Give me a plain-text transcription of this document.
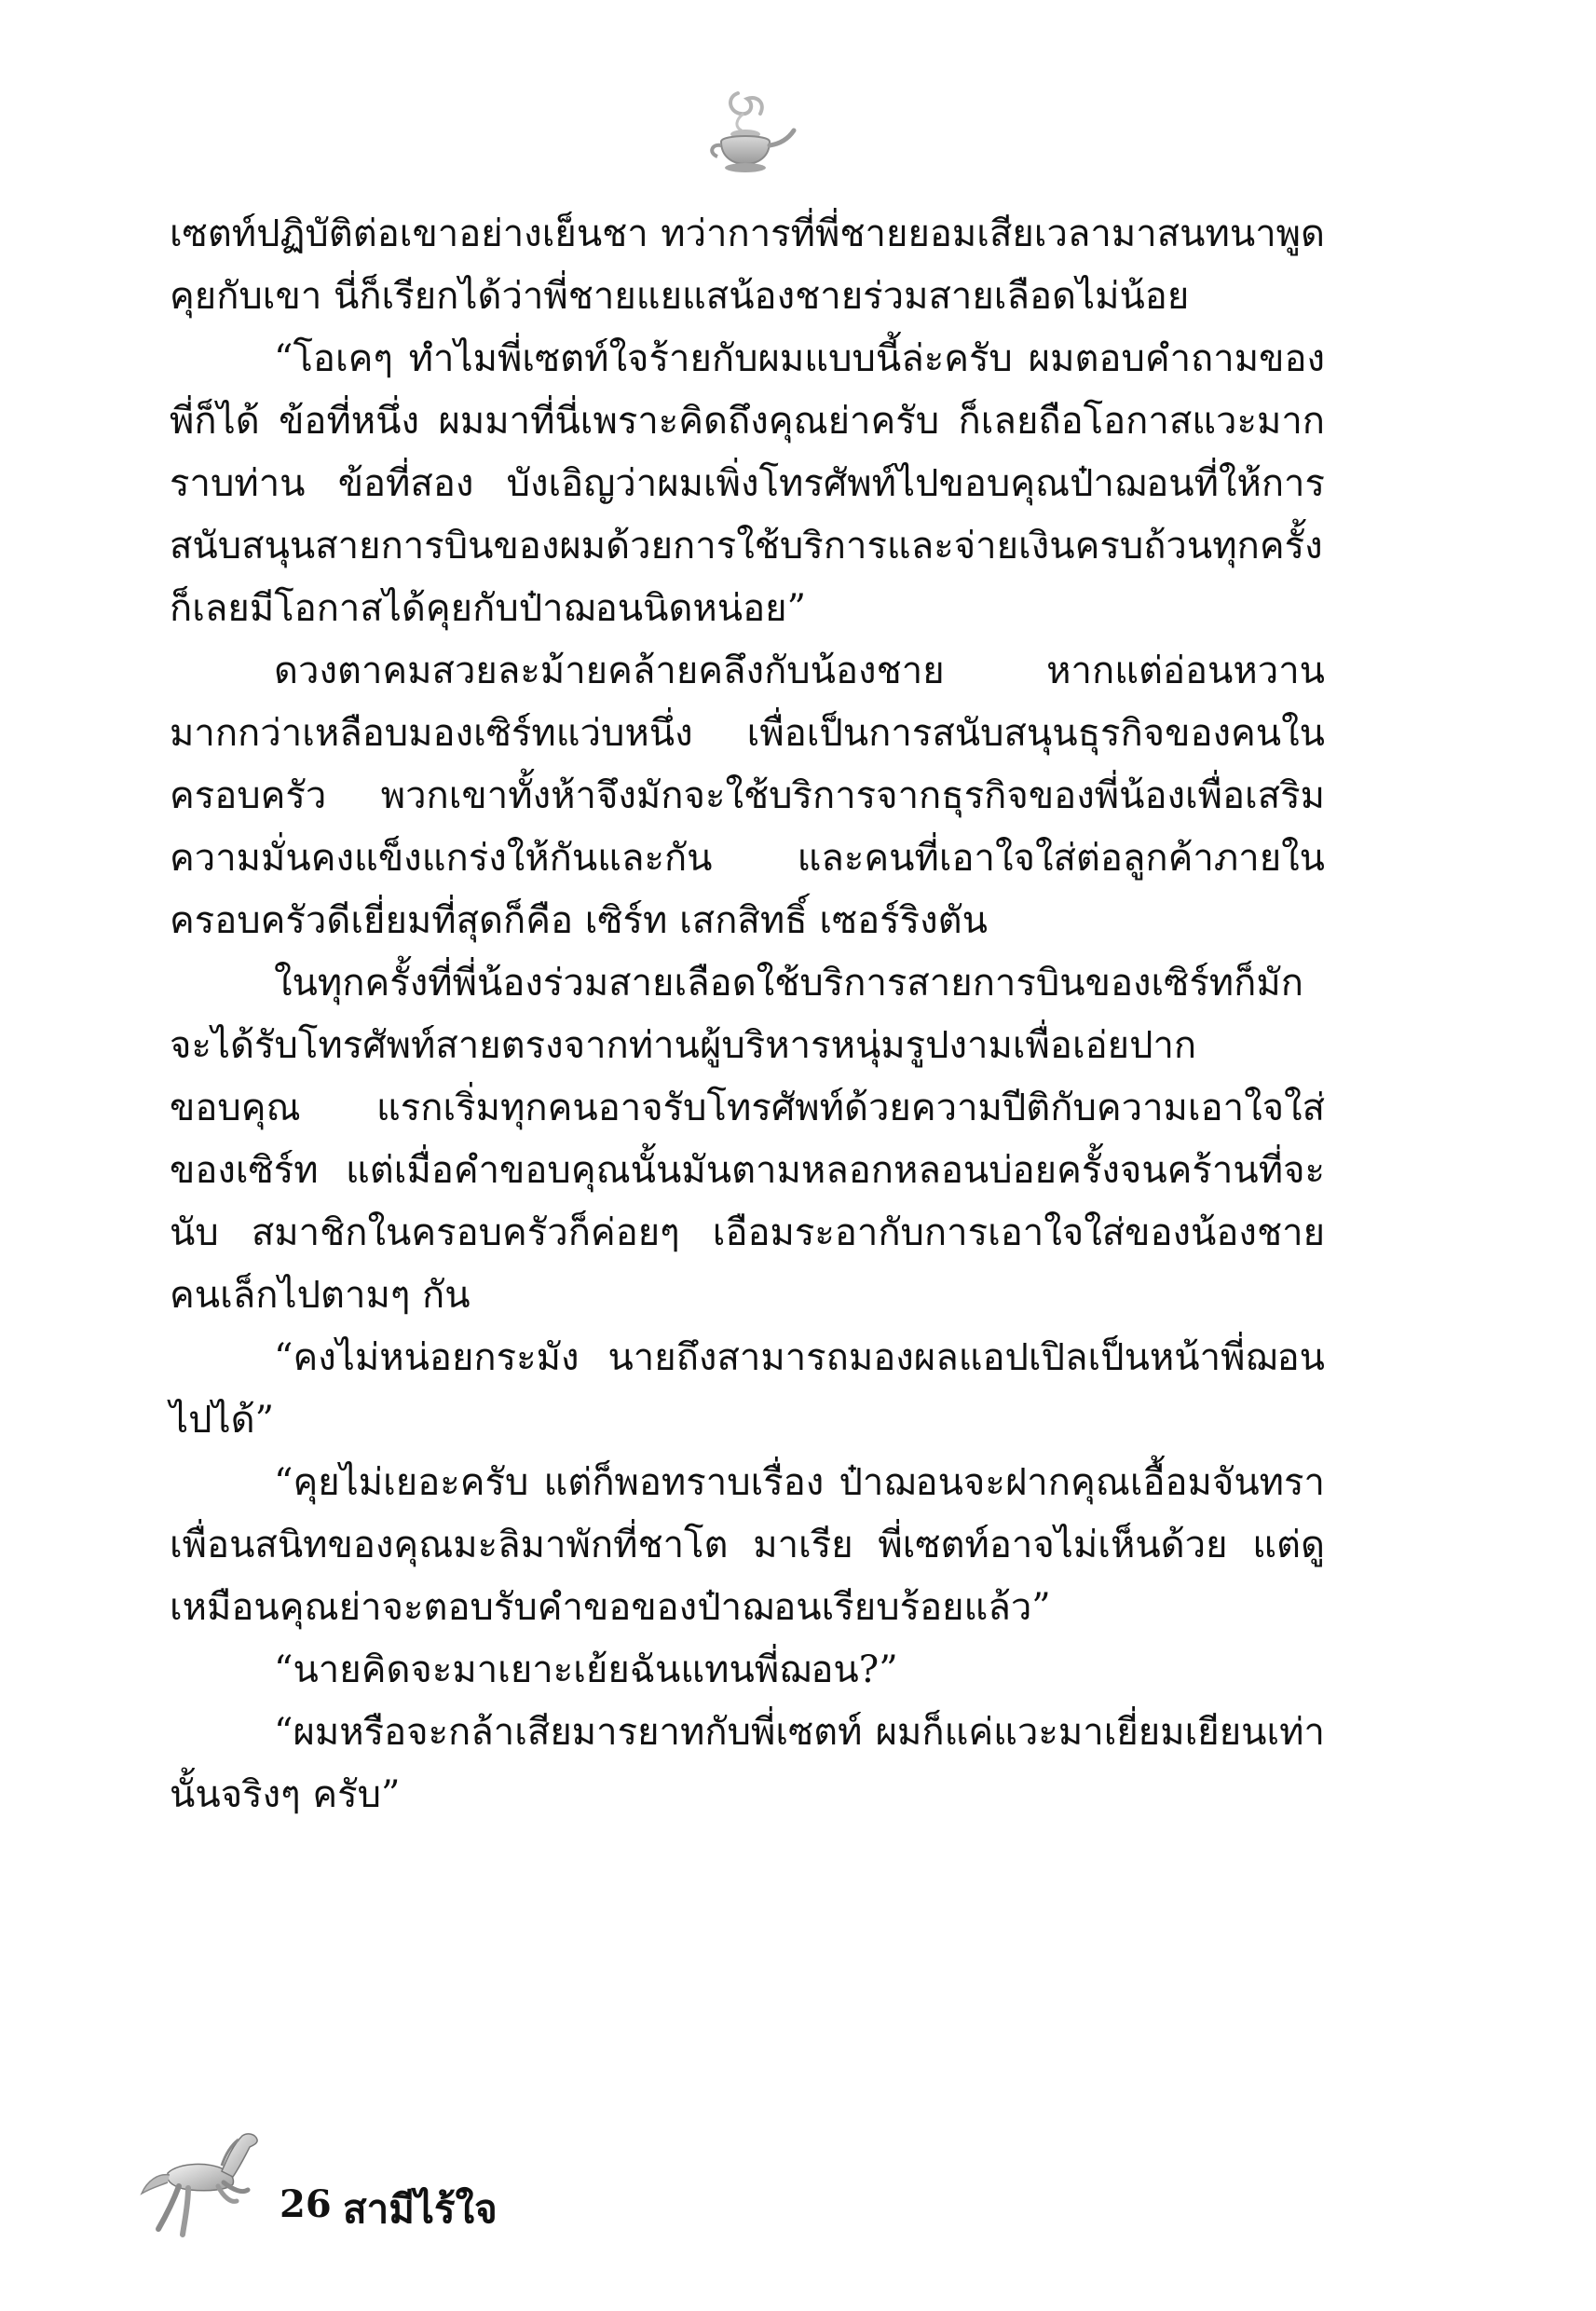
เซตท์ปฏิบัติต่อเขาอย่างเย็นชา ทว่าการที่พี่ชายยอมเสียเวลามาสนทนาพูดคุยกับเขา นี่ก็เรียกได้ว่าพี่ชายแยแสน้องชายร่วมสายเลือดไม่น้อย

“โอเคๆ ทำไมพี่เซตท์ใจร้ายกับผมแบบนี้ล่ะครับ ผมตอบคำถามของพี่ก็ได้ ข้อที่หนึ่ง ผมมาที่นี่เพราะคิดถึงคุณย่าครับ ก็เลยถือโอกาสแวะมากราบท่าน ข้อที่สอง บังเอิญว่าผมเพิ่งโทรศัพท์ไปขอบคุณป๋าฌอนที่ให้การสนับสนุนสายการบินของผมด้วยการใช้บริการและจ่ายเงินครบถ้วนทุกครั้ง ก็เลยมีโอกาสได้คุยกับป๋าฌอนนิดหน่อย”

ดวงตาคมสวยละม้ายคล้ายคลึงกับน้องชาย หากแต่อ่อนหวานมากกว่าเหลือบมองเซิร์ทแว่บหนึ่ง เพื่อเป็นการสนับสนุนธุรกิจของคนในครอบครัว พวกเขาทั้งห้าจึงมักจะใช้บริการจากธุรกิจของพี่น้องเพื่อเสริมความมั่นคงแข็งแกร่งให้กันและกัน และคนที่เอาใจใส่ต่อลูกค้าภายในครอบครัวดีเยี่ยมที่สุดก็คือ เซิร์ท เสกสิทธิ์ เซอร์ริงตัน

ในทุกครั้งที่พี่น้องร่วมสายเลือดใช้บริการสายการบินของเซิร์ทก็มักจะได้รับโทรศัพท์สายตรงจากท่านผู้บริหารหนุ่มรูปงามเพื่อเอ่ยปากขอบคุณ แรกเริ่มทุกคนอาจรับโทรศัพท์ด้วยความปีติกับความเอาใจใส่ของเซิร์ท แต่เมื่อคำขอบคุณนั้นมันตามหลอกหลอนบ่อยครั้งจนคร้านที่จะนับ สมาชิกในครอบครัวก็ค่อยๆ เอือมระอากับการเอาใจใส่ของน้องชายคนเล็กไปตามๆ กัน

“คงไม่หน่อยกระมัง นายถึงสามารถมองผลแอปเปิลเป็นหน้าพี่ฌอนไปได้”

“คุยไม่เยอะครับ แต่ก็พอทราบเรื่อง ป๋าฌอนจะฝากคุณเอื้อมจันทราเพื่อนสนิทของคุณมะลิมาพักที่ชาโต มาเรีย พี่เซตท์อาจไม่เห็นด้วย แต่ดูเหมือนคุณย่าจะตอบรับคำขอของป๋าฌอนเรียบร้อยแล้ว”

“นายคิดจะมาเยาะเย้ยฉันแทนพี่ฌอน?”

“ผมหรือจะกล้าเสียมารยาทกับพี่เซตท์ ผมก็แค่แวะมาเยี่ยมเยียนเท่านั้นจริงๆ ครับ”

26 สามีไร้ใจ
